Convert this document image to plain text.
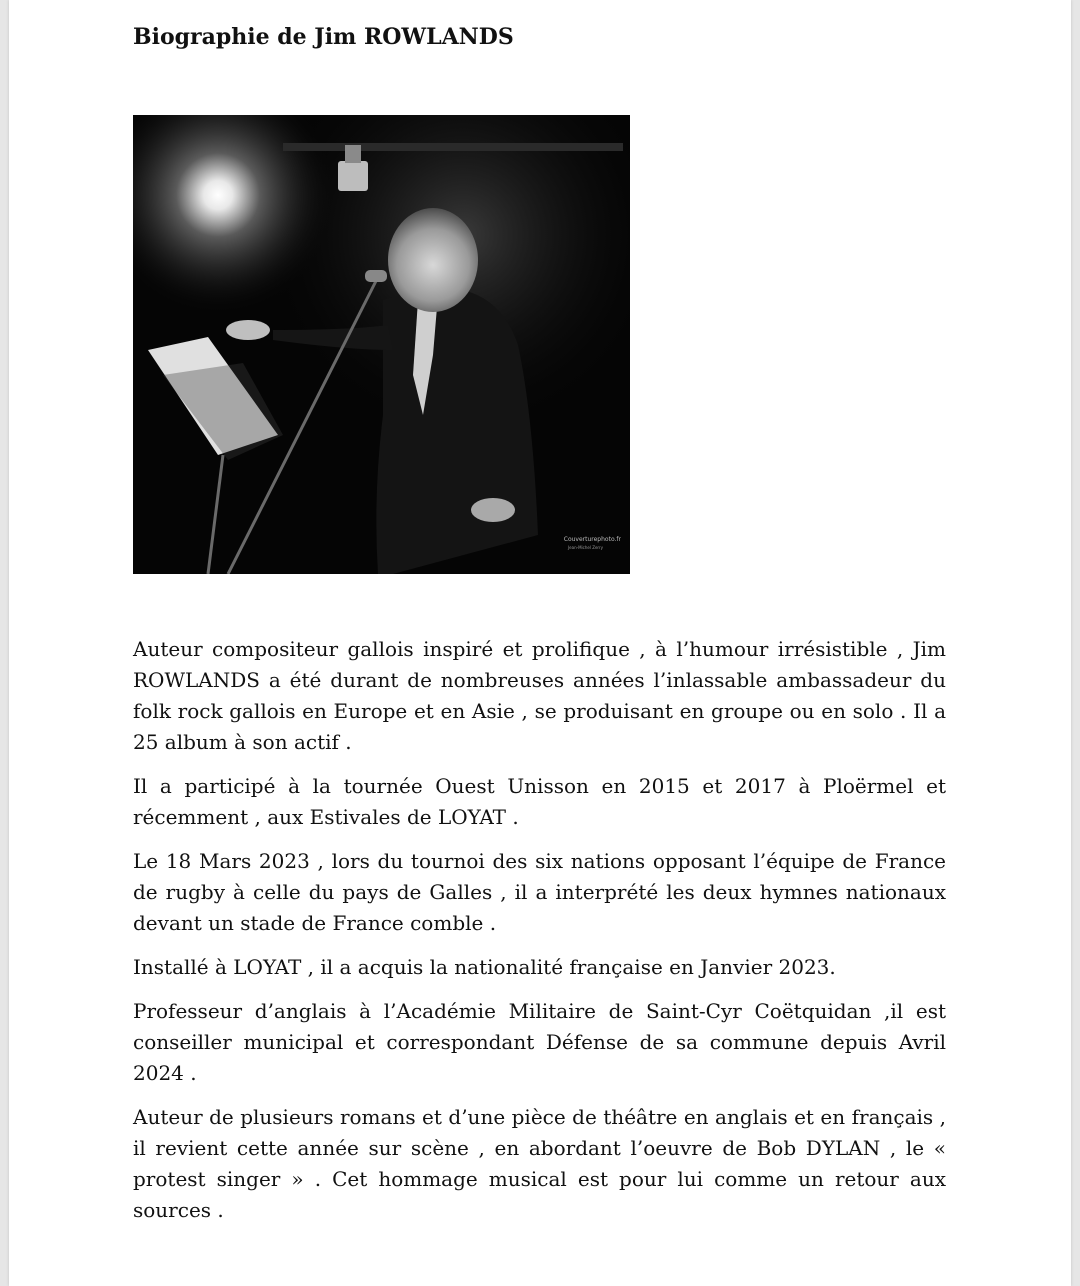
Biographie de Jim ROWLANDS
Couverturephoto.fr
Jean-Michel Zerry

Auteur compositeur gallois inspiré et prolifique , à l’humour irrésistible , Jim ROWLANDS a été durant de nombreuses années l’inlassable ambassadeur du folk rock gallois en Europe et en Asie , se produisant en groupe ou en solo . Il a 25 album à son actif .

Il a participé à la tournée Ouest Unisson en 2015 et 2017 à Ploërmel et récemment , aux Estivales de LOYAT .

Le 18 Mars 2023 , lors du tournoi des six nations opposant l’équipe de France de rugby à celle du pays de Galles , il a interprété les deux hymnes nationaux devant un stade de France comble .

Installé à LOYAT , il a acquis la nationalité française en Janvier 2023.

Professeur d’anglais à l’Académie Militaire de Saint-Cyr Coëtquidan ,il est conseiller municipal et correspondant Défense de sa commune depuis Avril 2024 .

Auteur de plusieurs romans et d’une pièce de théâtre en anglais et en français , il revient cette année sur scène , en abordant l’oeuvre de Bob DYLAN , le « protest singer » . Cet hommage musical est pour lui comme un retour aux sources .
